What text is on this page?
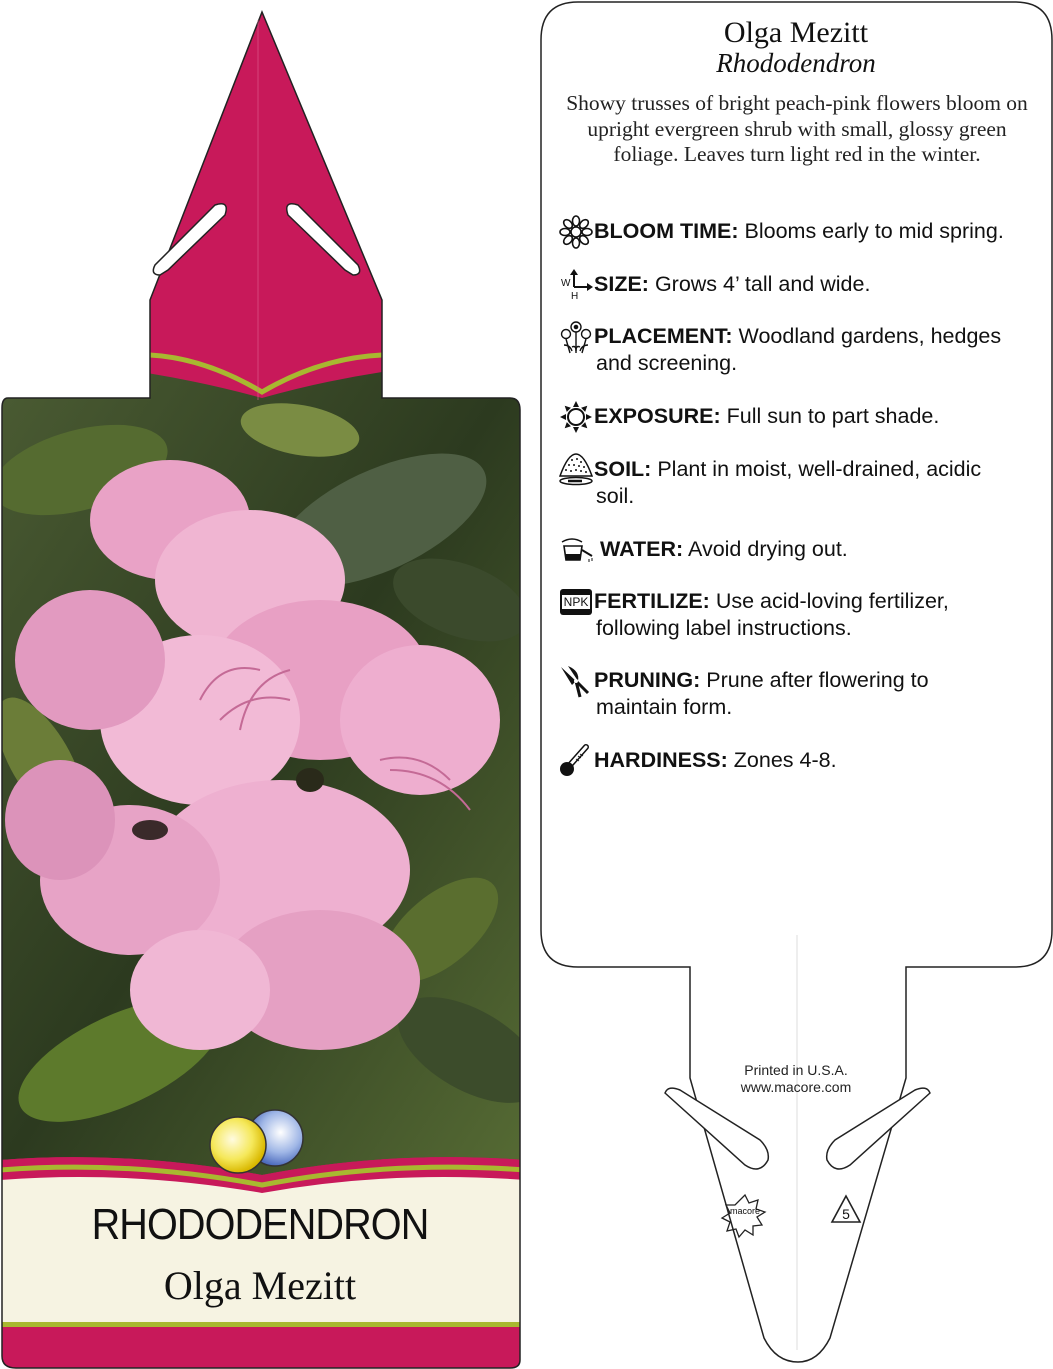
macore	5
RHODODENDRON
Olga Mezitt
Olga Mezitt
Rhododendron
Showy trusses of bright peach-pink flowers bloom on upright evergreen shrub with small, glossy green foliage. Leaves turn light red in the winter.
BLOOM TIME: Blooms early to mid spring.
W
H
SIZE: Grows 4’ tall and wide.
PLACEMENT: Woodland gardens, hedges
and screening.
EXPOSURE: Full sun to part shade.
SOIL: Plant in moist, well-drained, acidic
soil.
WATER: Avoid drying out.
NPK FERTILIZE: Use acid-loving fertilizer,
following label instructions.
PRUNING: Prune after flowering to
maintain form.
HARDINESS: Zones 4-8.
Printed in U.S.A.
www.macore.com
